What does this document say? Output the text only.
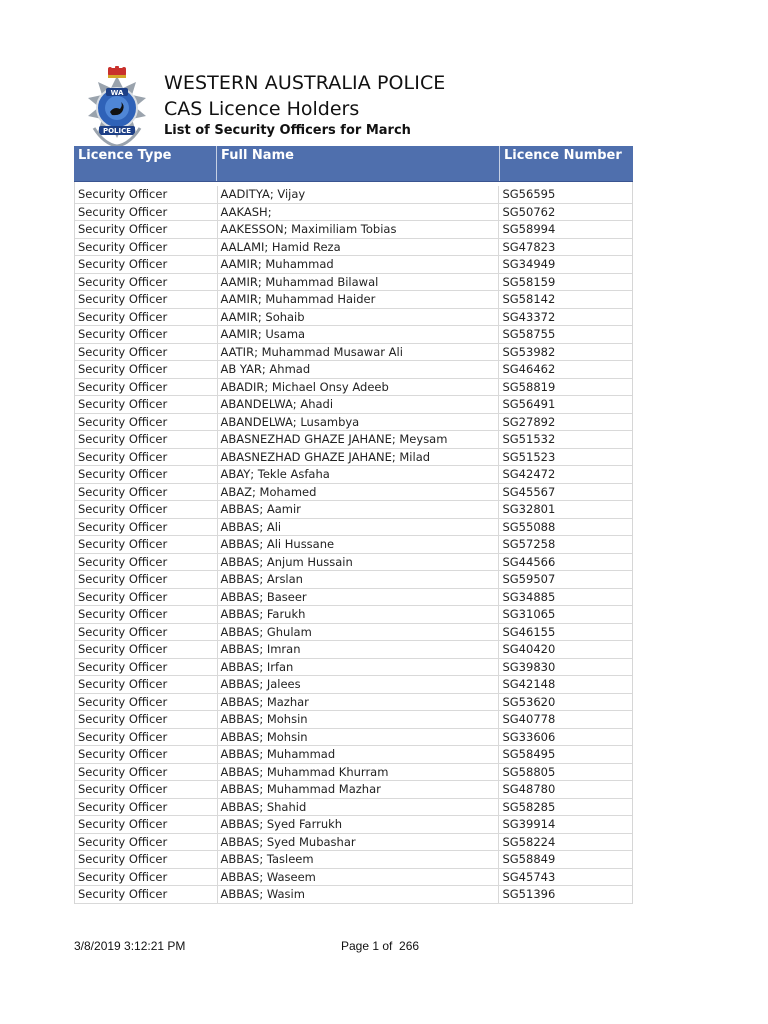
WA
POLICE
WESTERN AUSTRALIA POLICE
CAS Licence Holders
List of Security Officers for March
Licence Type	Full Name	Licence Number
Security Officer	AADITYA; Vijay	SG56595
Security Officer	AAKASH;	SG50762
Security Officer	AAKESSON; Maximiliam Tobias	SG58994
Security Officer	AALAMI; Hamid Reza	SG47823
Security Officer	AAMIR; Muhammad	SG34949
Security Officer	AAMIR; Muhammad Bilawal	SG58159
Security Officer	AAMIR; Muhammad Haider	SG58142
Security Officer	AAMIR; Sohaib	SG43372
Security Officer	AAMIR; Usama	SG58755
Security Officer	AATIR; Muhammad Musawar Ali	SG53982
Security Officer	AB YAR; Ahmad	SG46462
Security Officer	ABADIR; Michael Onsy Adeeb	SG58819
Security Officer	ABANDELWA; Ahadi	SG56491
Security Officer	ABANDELWA; Lusambya	SG27892
Security Officer	ABASNEZHAD GHAZE JAHANE; Meysam	SG51532
Security Officer	ABASNEZHAD GHAZE JAHANE; Milad	SG51523
Security Officer	ABAY; Tekle Asfaha	SG42472
Security Officer	ABAZ; Mohamed	SG45567
Security Officer	ABBAS; Aamir	SG32801
Security Officer	ABBAS; Ali	SG55088
Security Officer	ABBAS; Ali Hussane	SG57258
Security Officer	ABBAS; Anjum Hussain	SG44566
Security Officer	ABBAS; Arslan	SG59507
Security Officer	ABBAS; Baseer	SG34885
Security Officer	ABBAS; Farukh	SG31065
Security Officer	ABBAS; Ghulam	SG46155
Security Officer	ABBAS; Imran	SG40420
Security Officer	ABBAS; Irfan	SG39830
Security Officer	ABBAS; Jalees	SG42148
Security Officer	ABBAS; Mazhar	SG53620
Security Officer	ABBAS; Mohsin	SG40778
Security Officer	ABBAS; Mohsin	SG33606
Security Officer	ABBAS; Muhammad	SG58495
Security Officer	ABBAS; Muhammad Khurram	SG58805
Security Officer	ABBAS; Muhammad Mazhar	SG48780
Security Officer	ABBAS; Shahid	SG58285
Security Officer	ABBAS; Syed Farrukh	SG39914
Security Officer	ABBAS; Syed Mubashar	SG58224
Security Officer	ABBAS; Tasleem	SG58849
Security Officer	ABBAS; Waseem	SG45743
Security Officer	ABBAS; Wasim	SG51396
3/8/2019 3:12:21 PM	Page 1 of  266
